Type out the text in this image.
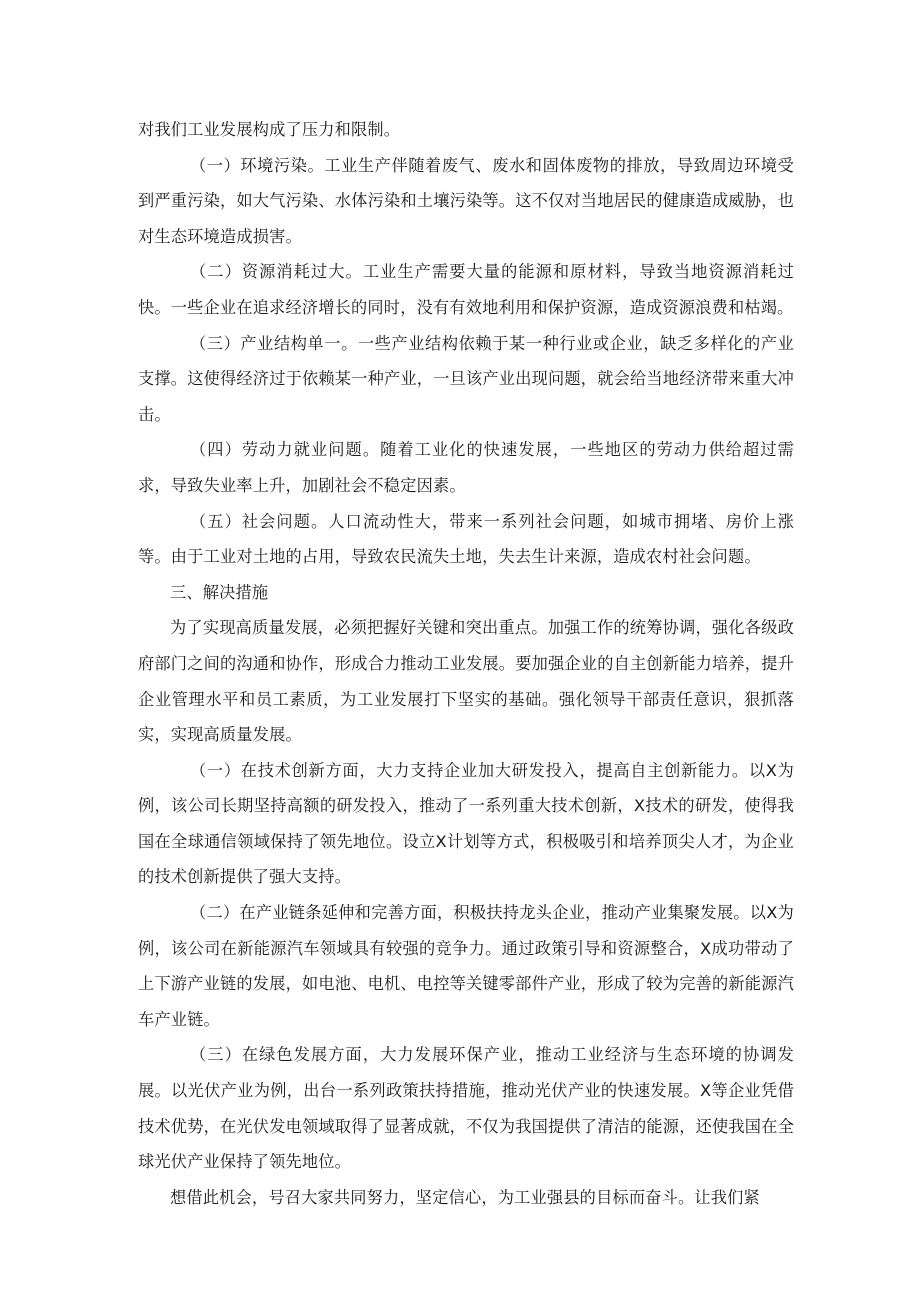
对我们工业发展构成了压力和限制。

（一）环境污染。工业生产伴随着废气、废水和固体废物的排放，导致周边环境受到严重污染，如大气污染、水体污染和土壤污染等。这不仅对当地居民的健康造成威胁，也对生态环境造成损害。

（二）资源消耗过大。工业生产需要大量的能源和原材料，导致当地资源消耗过快。一些企业在追求经济增长的同时，没有有效地利用和保护资源，造成资源浪费和枯竭。

（三）产业结构单一。一些产业结构依赖于某一种行业或企业，缺乏多样化的产业支撑。这使得经济过于依赖某一种产业，一旦该产业出现问题，就会给当地经济带来重大冲击。

（四）劳动力就业问题。随着工业化的快速发展，一些地区的劳动力供给超过需求，导致失业率上升，加剧社会不稳定因素。

（五）社会问题。人口流动性大，带来一系列社会问题，如城市拥堵、房价上涨等。由于工业对土地的占用，导致农民流失土地，失去生计来源，造成农村社会问题。

三、解决措施

为了实现高质量发展，必须把握好关键和突出重点。加强工作的统筹协调，强化各级政府部门之间的沟通和协作，形成合力推动工业发展。要加强企业的自主创新能力培养，提升企业管理水平和员工素质，为工业发展打下坚实的基础。强化领导干部责任意识，狠抓落实，实现高质量发展。

（一）在技术创新方面，大力支持企业加大研发投入，提高自主创新能力。以X为例，该公司长期坚持高额的研发投入，推动了一系列重大技术创新，X技术的研发，使得我国在全球通信领域保持了领先地位。设立X计划等方式，积极吸引和培养顶尖人才，为企业的技术创新提供了强大支持。

（二）在产业链条延伸和完善方面，积极扶持龙头企业，推动产业集聚发展。以X为例，该公司在新能源汽车领域具有较强的竞争力。通过政策引导和资源整合，X成功带动了上下游产业链的发展，如电池、电机、电控等关键零部件产业，形成了较为完善的新能源汽车产业链。

（三）在绿色发展方面，大力发展环保产业，推动工业经济与生态环境的协调发展。以光伏产业为例，出台一系列政策扶持措施，推动光伏产业的快速发展。X等企业凭借技术优势，在光伏发电领域取得了显著成就，不仅为我国提供了清洁的能源，还使我国在全球光伏产业保持了领先地位。

想借此机会，号召大家共同努力，坚定信心，为工业强县的目标而奋斗。让我们紧
